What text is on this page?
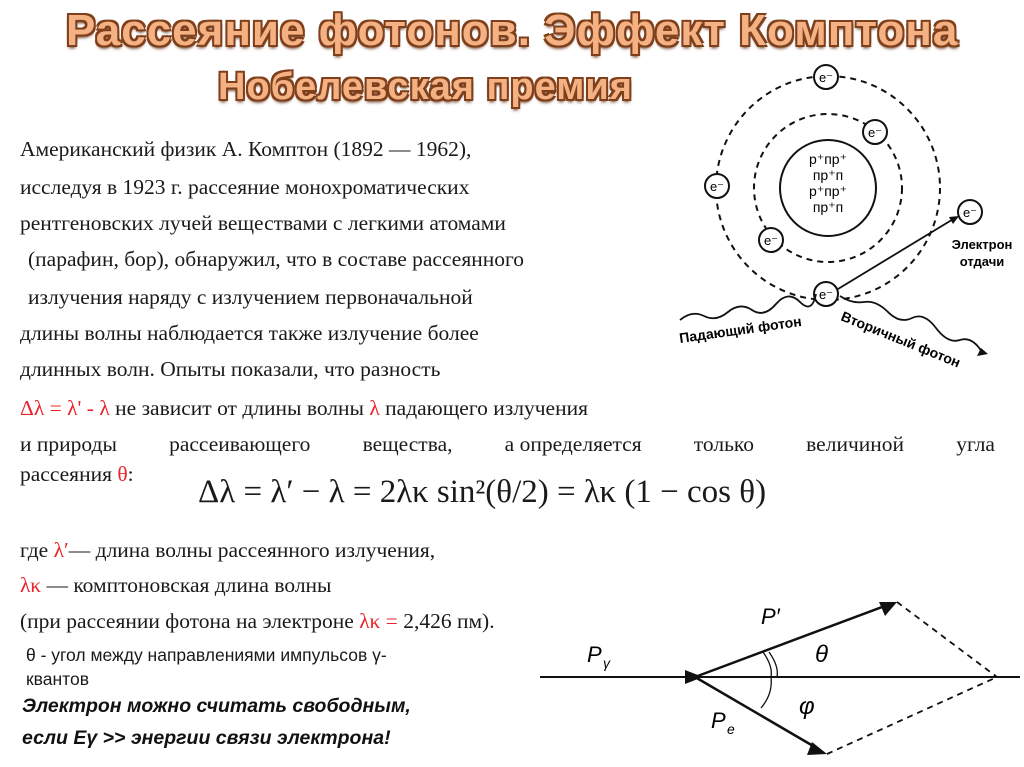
Рассеяние фотонов. Эффект Комптона
Нобелевская премия
Американский физик А. Комптон (1892 — 1962),
исследуя в 1923 г. рассеяние монохроматических
рентгеновских лучей веществами с легкими атомами
(парафин, бор), обнаружил, что в составе рассеянного
излучения наряду с излучением первоначальной
длины волны наблюдается также излучение более
длинных волн. Опыты показали, что разность
Δλ = λ' - λ не зависит от длины волны λ падающего излучения
и природы рассеивающего вещества, а определяется только величиной угла
рассеяния θ: Δλ = λ′ − λ = 2λκ sin²(θ/2) = λκ (1 − cos θ)
где λ′— длина волны рассеянного излучения,
λκ — комптоновская длина волны
(при рассеянии фотона на электроне λκ = 2,426 пм).
θ - угол между направлениями импульсов γ-
квантов
Электрон можно считать свободным,
если Еγ >> энергии связи электрона!
р⁺пр⁺
пр⁺п
р⁺пр⁺
пр⁺п
e⁻
e⁻
e⁻
e⁻
e⁻
e⁻
Электрон
отдачи
Падающий фотон	Вторичный фотон
θ
φ
P γ
P′
P e
